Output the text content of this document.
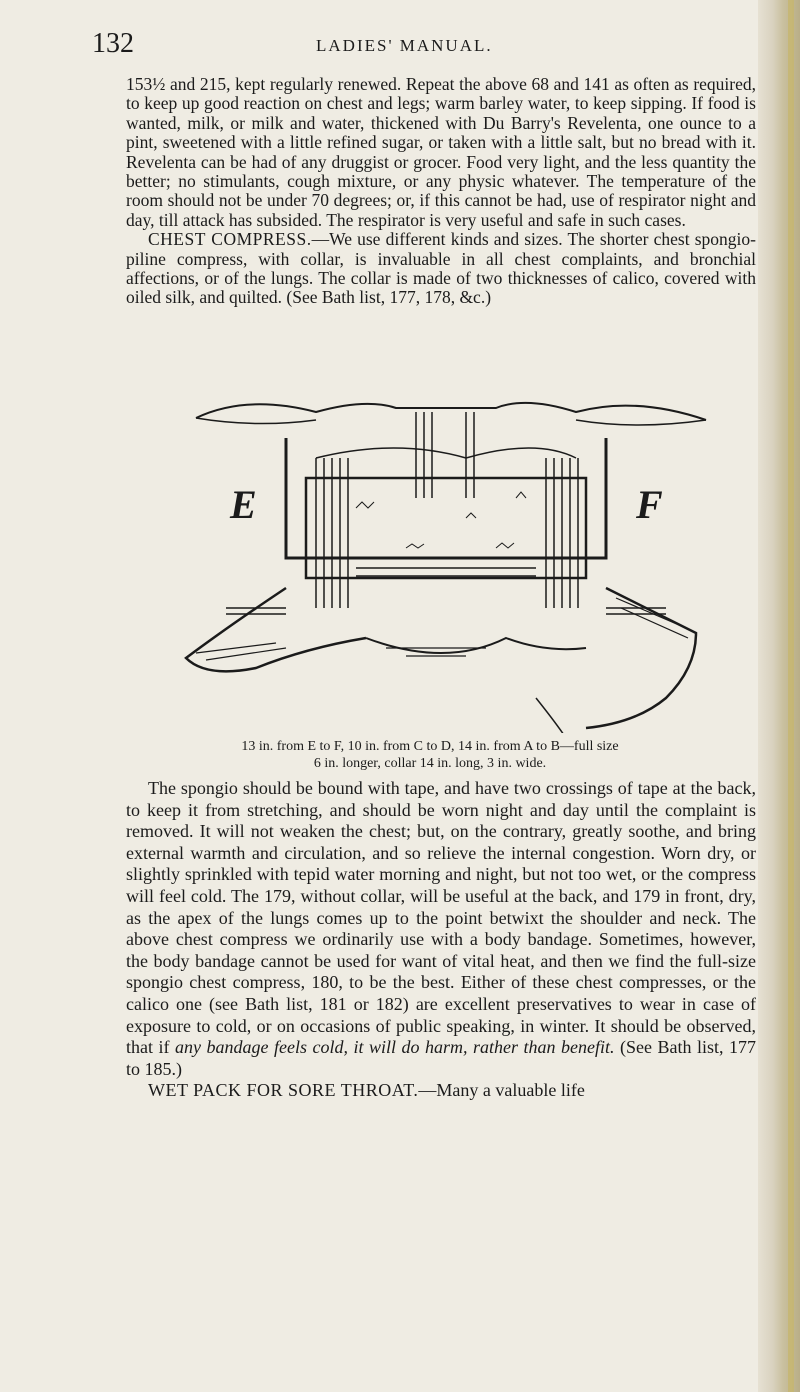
132	LADIES' MANUAL.

153½ and 215, kept regularly renewed. Repeat the above 68 and 141 as often as required, to keep up good reaction on chest and legs; warm barley water, to keep sipping. If food is wanted, milk, or milk and water, thickened with Du Barry's Revelenta, one ounce to a pint, sweetened with a little refined sugar, or taken with a little salt, but no bread with it. Revelenta can be had of any druggist or grocer. Food very light, and the less quantity the better; no stimulants, cough mixture, or any physic whatever. The temperature of the room should not be under 70 degrees; or, if this cannot be had, use of respirator night and day, till attack has subsided. The respirator is very useful and safe in such cases.

CHEST COMPRESS.—We use different kinds and sizes. The shorter chest spongio-piline compress, with collar, is invaluable in all chest complaints, and bronchial affections, or of the lungs. The collar is made of two thicknesses of calico, covered with oiled silk, and quilted. (See Bath list, 177, 178, &c.)

E	F
13 in. from E to F, 10 in. from C to D, 14 in. from A to B—full size
6 in. longer, collar 14 in. long, 3 in. wide.

The spongio should be bound with tape, and have two crossings of tape at the back, to keep it from stretching, and should be worn night and day until the complaint is removed. It will not weaken the chest; but, on the contrary, greatly soothe, and bring external warmth and circulation, and so relieve the internal congestion. Worn dry, or slightly sprinkled with tepid water morning and night, but not too wet, or the compress will feel cold. The 179, without collar, will be useful at the back, and 179 in front, dry, as the apex of the lungs comes up to the point betwixt the shoulder and neck. The above chest compress we ordinarily use with a body bandage. Sometimes, however, the body bandage cannot be used for want of vital heat, and then we find the full-size spongio chest compress, 180, to be the best. Either of these chest compresses, or the calico one (see Bath list, 181 or 182) are excellent preservatives to wear in case of exposure to cold, or on occasions of public speaking, in winter. It should be observed, that if any bandage feels cold, it will do harm, rather than benefit. (See Bath list, 177 to 185.)

WET PACK FOR SORE THROAT.—Many a valuable life
